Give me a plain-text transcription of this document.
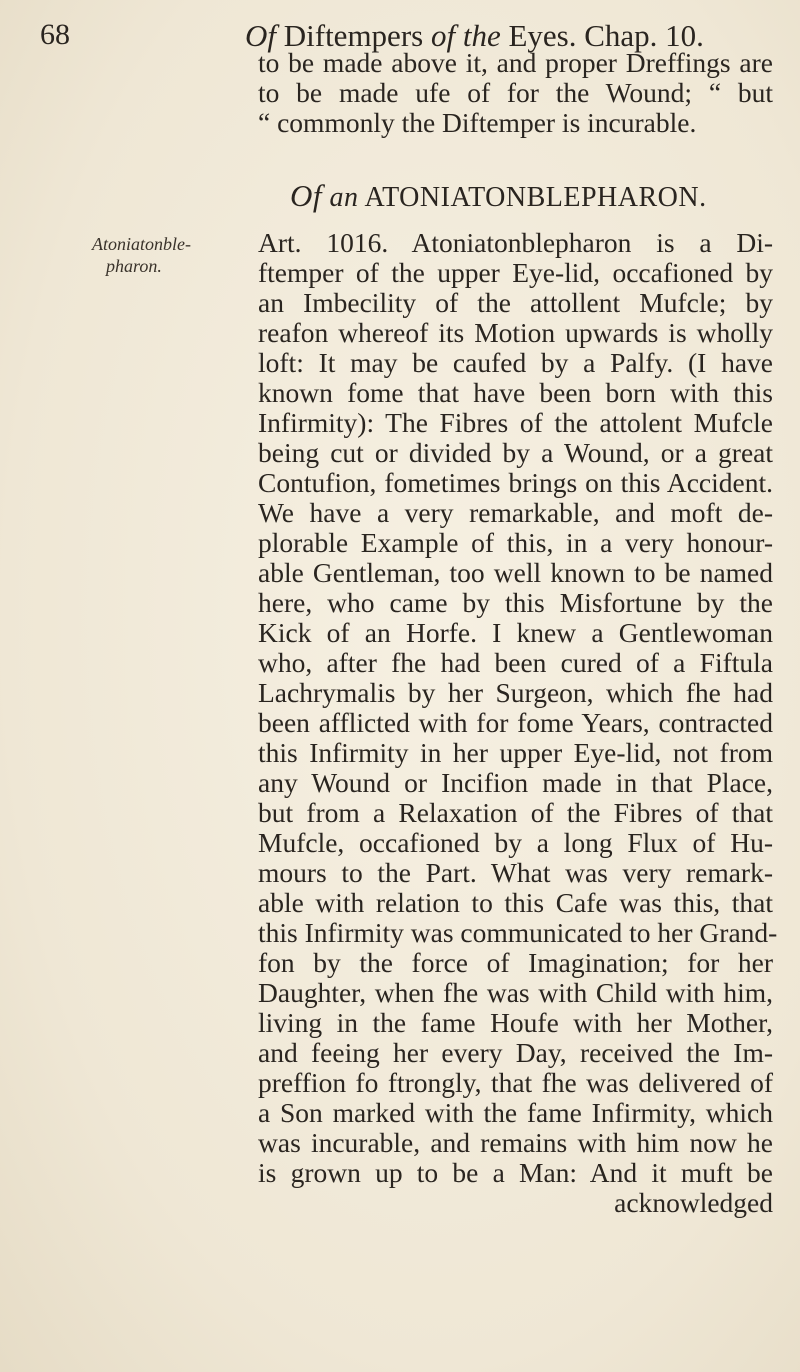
68	Of Diftempers of the Eyes. Chap. 10.
to be made above it, and proper Dreffings are
to be made ufe of for the Wound; “ but
“ commonly the Diftemper is incurable.
Of an ATONIATONBLEPHARON.
Atoniatonble-
pharon.
Art. 1016. Atoniatonblepharon is a Di-
ftemper of the upper Eye-lid, occafioned by
an Imbecility of the attollent Mufcle; by
reafon whereof its Motion upwards is wholly
loft: It may be caufed by a Palfy. (I have
known fome that have been born with this
Infirmity): The Fibres of the attolent Mufcle
being cut or divided by a Wound, or a great
Contufion, fometimes brings on this Accident.
We have a very remarkable, and moft de-
plorable Example of this, in a very honour-
able Gentleman, too well known to be named
here, who came by this Misfortune by the
Kick of an Horfe. I knew a Gentlewoman
who, after fhe had been cured of a Fiftula
Lachrymalis by her Surgeon, which fhe had
been afflicted with for fome Years, contracted
this Infirmity in her upper Eye-lid, not from
any Wound or Incifion made in that Place,
but from a Relaxation of the Fibres of that
Mufcle, occafioned by a long Flux of Hu-
mours to the Part. What was very remark-
able with relation to this Cafe was this, that
this Infirmity was communicated to her Grand-
fon by the force of Imagination; for her
Daughter, when fhe was with Child with him,
living in the fame Houfe with her Mother,
and feeing her every Day, received the Im-
preffion fo ftrongly, that fhe was delivered of
a Son marked with the fame Infirmity, which
was incurable, and remains with him now he
is grown up to be a Man: And it muft be
acknowledged
